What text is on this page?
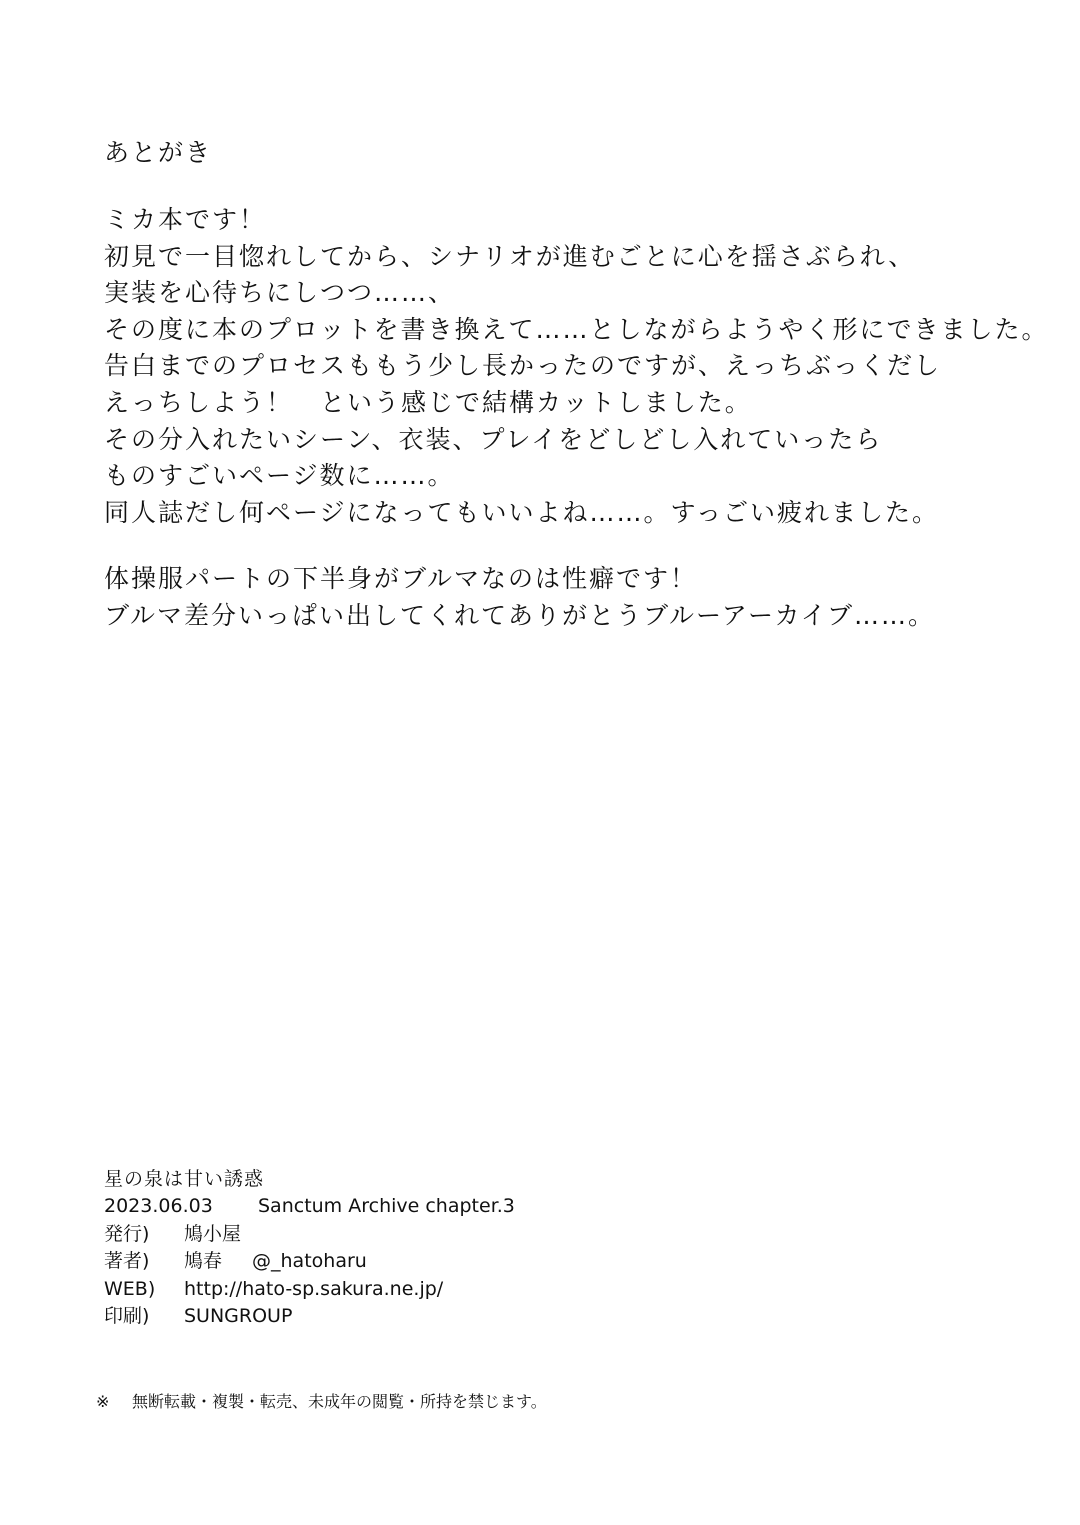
あとがき
ミカ本です！
初見で一目惚れしてから、シナリオが進むごとに心を揺さぶられ、
実装を心待ちにしつつ……、
その度に本のプロットを書き換えて……としながらようやく形にできました。
告白までのプロセスももう少し長かったのですが、えっちぶっくだし
えっちしよう！　という感じで結構カットしました。
その分入れたいシーン、衣装、プレイをどしどし入れていったら
ものすごいページ数に……。
同人誌だし何ページになってもいいよね……。すっごい疲れました。
体操服パートの下半身がブルマなのは性癖です！
ブルマ差分いっぱい出してくれてありがとうブルーアーカイブ……。
星の泉は甘い誘惑
2023.06.03	Sanctum Archive chapter.3
発行)	鳩小屋
著者)	鳩春 @_hatoharu
WEB)	http://hato-sp.sakura.ne.jp/
印刷)	SUNGROUP
※	無断転載・複製・転売、未成年の閲覧・所持を禁じます。
